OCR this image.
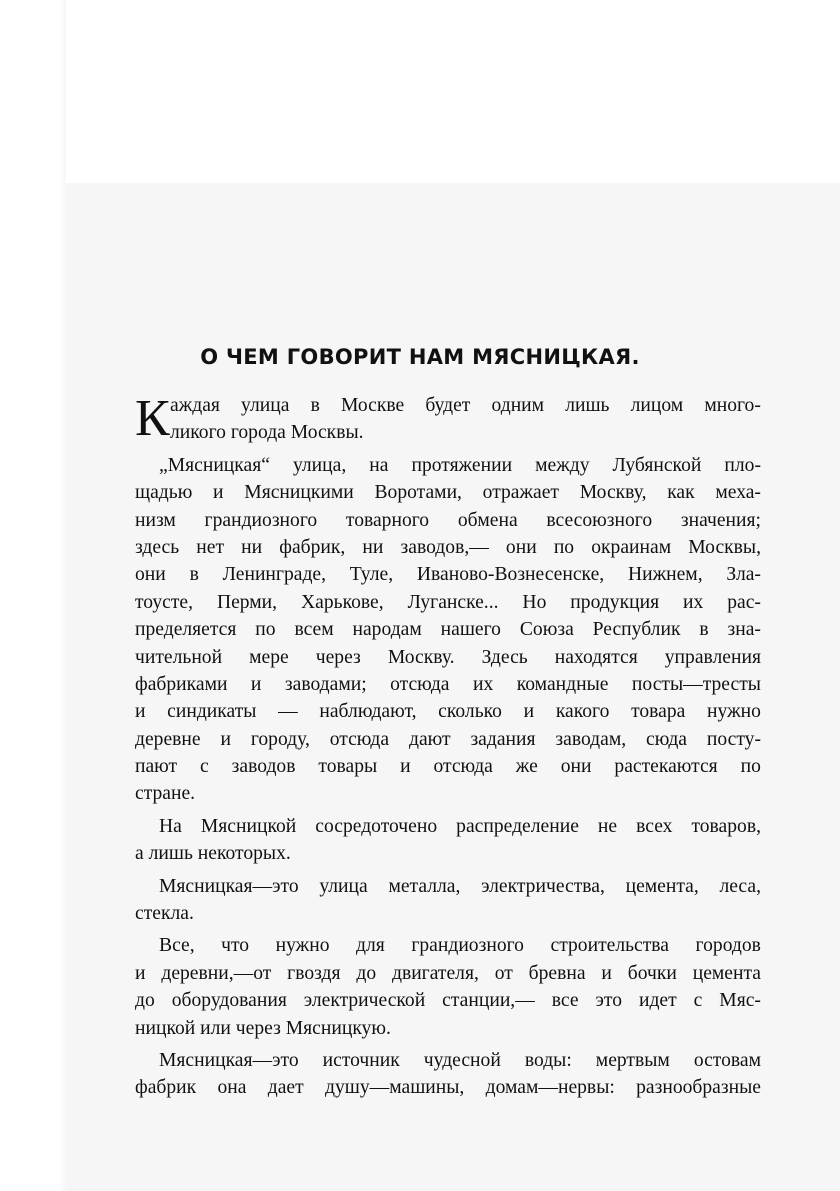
О ЧЕМ ГОВОРИТ НАМ МЯСНИЦКАЯ.
К аждая улица в Москве будет одним лишь лицом много-
ликого города Москвы.
„Мясницкая“ улица, на протяжении между Лубянской пло-
щадью и Мясницкими Воротами, отражает Москву, как меха-
низм грандиозного товарного обмена всесоюзного значения;
здесь нет ни фабрик, ни заводов,— они по окраинам Москвы,
они в Ленинграде, Туле, Иваново-Вознесенске, Нижнем, Зла-
тоусте, Перми, Харькове, Луганске... Но продукция их рас-
пределяется по всем народам нашего Союза Республик в зна-
чительной мере через Москву. Здесь находятся управления
фабриками и заводами; отсюда их командные посты—тресты
и синдикаты — наблюдают, сколько и какого товара нужно
деревне и городу, отсюда дают задания заводам, сюда посту-
пают с заводов товары и отсюда же они растекаются по
стране.
На Мясницкой сосредоточено распределение не всех товаров,
а лишь некоторых.
Мясницкая—это улица металла, электричества, цемента, леса,
стекла.
Все, что нужно для грандиозного строительства городов
и деревни,—от гвоздя до двигателя, от бревна и бочки цемента
до оборудования электрической станции,— все это идет с Мяс-
ницкой или через Мясницкую.
Мясницкая—это источник чудесной воды: мертвым остовам
фабрик она дает душу—машины, домам—нервы: разнообразные
